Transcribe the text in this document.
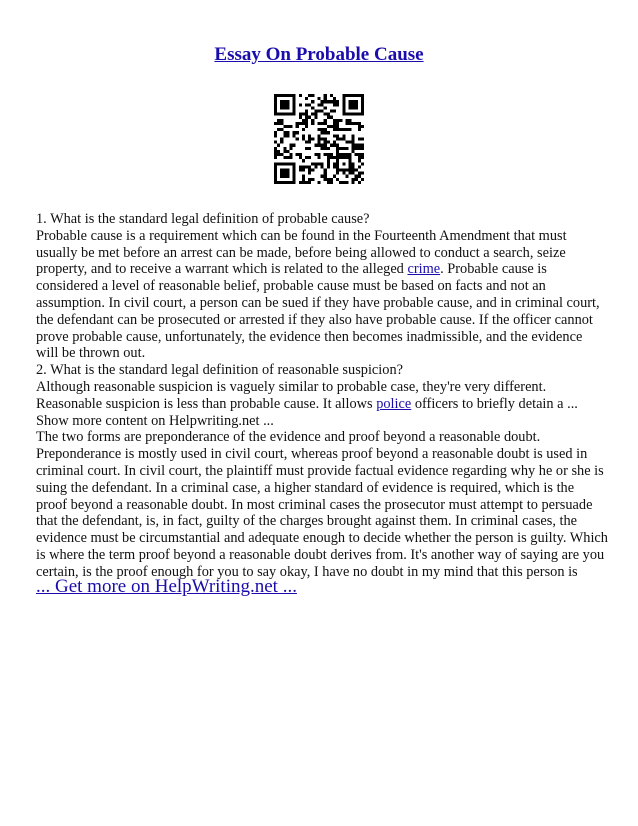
Essay On Probable Cause

1. What is the standard legal definition of probable cause?

Probable cause is a requirement which can be found in the Fourteenth Amendment that must usually be met before an arrest can be made, before being allowed to conduct a search, seize property, and to receive a warrant which is related to the alleged crime. Probable cause is considered a level of reasonable belief, probable cause must be based on facts and not an assumption. In civil court, a person can be sued if they have probable cause, and in criminal court, the defendant can be prosecuted or arrested if they also have probable cause. If the officer cannot prove probable cause, unfortunately, the evidence then becomes inadmissible, and the evidence will be thrown out.

2. What is the standard legal definition of reasonable suspicion?

Although reasonable suspicion is vaguely similar to probable case, they're very different. Reasonable suspicion is less than probable cause. It allows police officers to briefly detain a ... Show more content on Helpwriting.net ...

The two forms are preponderance of the evidence and proof beyond a reasonable doubt. Preponderance is mostly used in civil court, whereas proof beyond a reasonable doubt is used in criminal court. In civil court, the plaintiff must provide factual evidence regarding why he or she is suing the defendant. In a criminal case, a higher standard of evidence is required, which is the proof beyond a reasonable doubt. In most criminal cases the prosecutor must attempt to persuade that the defendant, is, in fact, guilty of the charges brought against them. In criminal cases, the evidence must be circumstantial and adequate enough to decide whether the person is guilty. Which is where the term proof beyond a reasonable doubt derives from. It's another way of saying are you certain, is the proof enough for you to say okay, I have no doubt in my mind that this person is

... Get more on HelpWriting.net ...
